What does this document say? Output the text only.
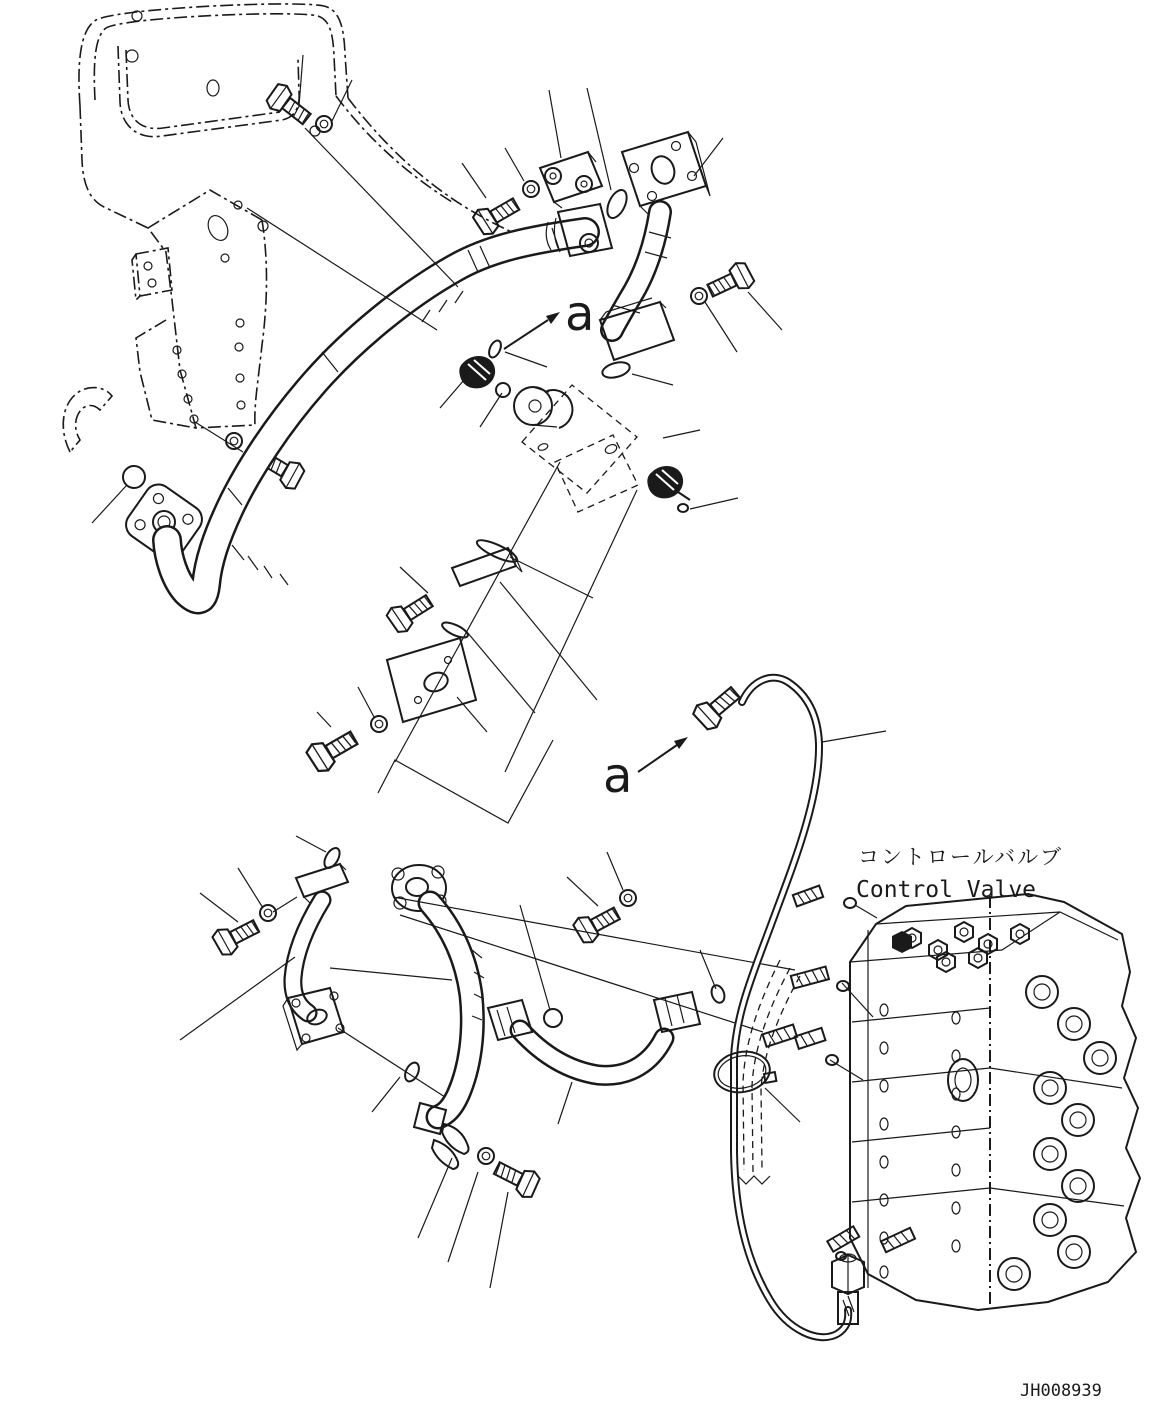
a
a
コントロールバルブ
Control Valve
JH008939
